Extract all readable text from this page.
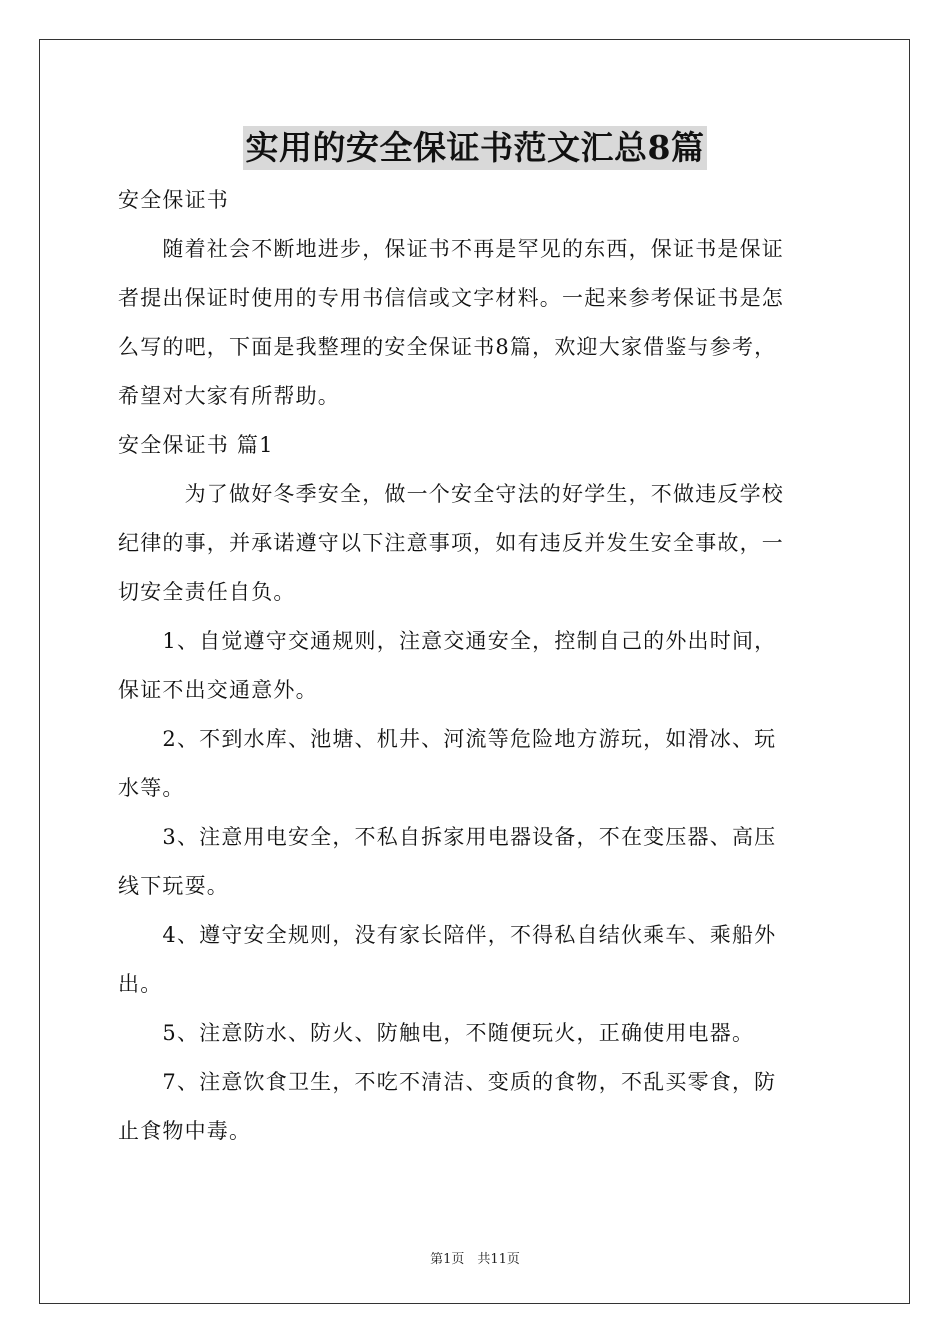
实用的安全保证书范文汇总8篇
安全保证书
　　随着社会不断地进步，保证书不再是罕见的东西，保证书是保证
者提出保证时使用的专用书信信或文字材料。一起来参考保证书是怎
么写的吧，下面是我整理的安全保证书8篇，欢迎大家借鉴与参考，
希望对大家有所帮助。
安全保证书 篇1
　　　为了做好冬季安全，做一个安全守法的好学生，不做违反学校
纪律的事，并承诺遵守以下注意事项，如有违反并发生安全事故，一
切安全责任自负。
　　1、自觉遵守交通规则，注意交通安全，控制自己的外出时间，
保证不出交通意外。
　　2、不到水库、池塘、机井、河流等危险地方游玩，如滑冰、玩
水等。
　　3、注意用电安全，不私自拆家用电器设备，不在变压器、高压
线下玩耍。
　　4、遵守安全规则，没有家长陪伴，不得私自结伙乘车、乘船外
出。
　　5、注意防水、防火、防触电，不随便玩火，正确使用电器。
　　7、注意饮食卫生，不吃不清洁、变质的食物，不乱买零食，防
止食物中毒。
第1页　共11页
